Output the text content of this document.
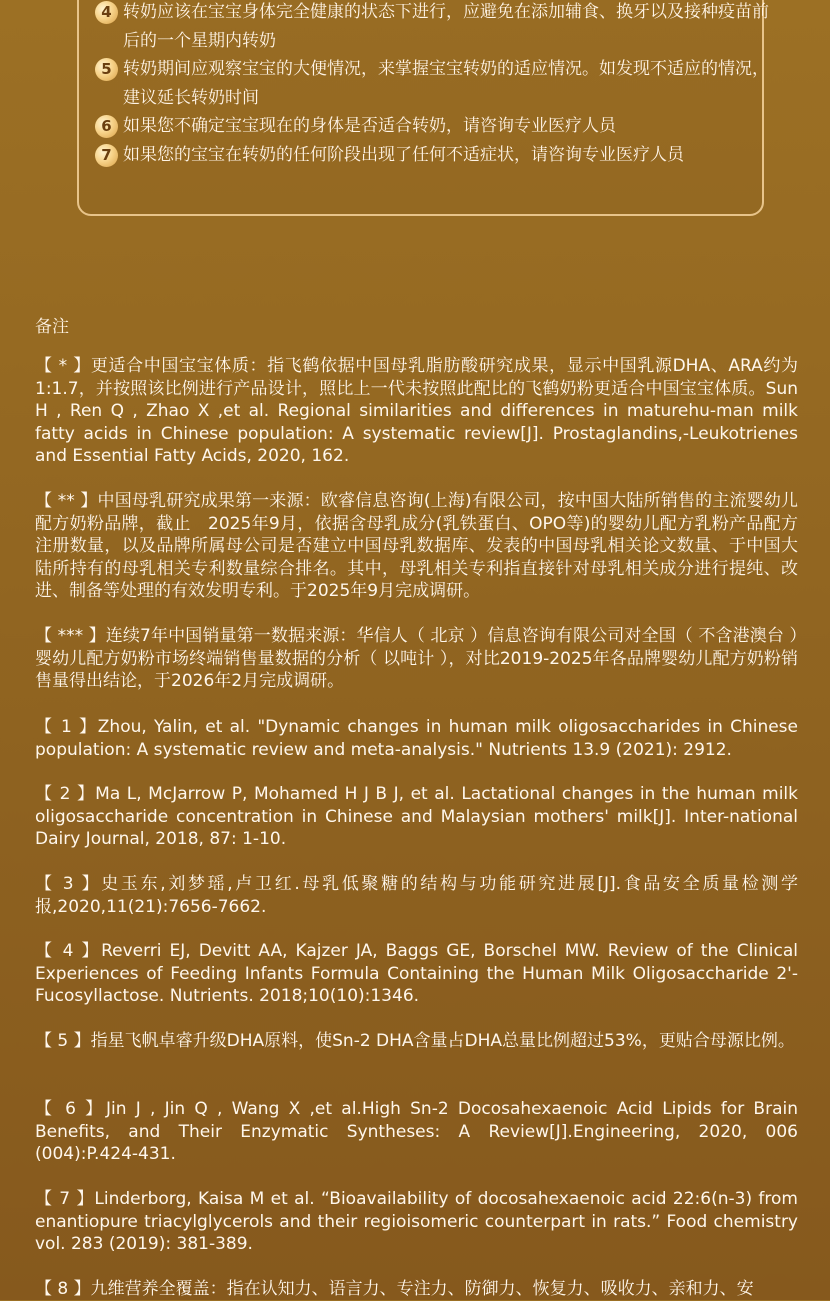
4 转奶应该在宝宝身体完全健康的状态下进行，应避免在添加辅食、换牙以及接种疫苗前后的一个星期内转奶
5 转奶期间应观察宝宝的大便情况，来掌握宝宝转奶的适应情况。如发现不适应的情况，建议延长转奶时间
6 如果您不确定宝宝现在的身体是否适合转奶，请咨询专业医疗人员
7 如果您的宝宝在转奶的任何阶段出现了任何不适症状，请咨询专业医疗人员
备注
【 * 】更适合中国宝宝体质：指飞鹤依据中国母乳脂肪酸研究成果，显示中国乳源DHA、ARA约为1:1.7，并按照该比例进行产品设计，照比上一代未按照此配比的飞鹤奶粉更适合中国宝宝体质。Sun H , Ren Q , Zhao X ,et al. Regional similarities and differences in maturehu-man milk fatty acids in Chinese population: A systematic review[J]. Prostaglandins,-Leukotrienes and Essential Fatty Acids, 2020, 162.
【 ** 】中国母乳研究成果第一来源：欧睿信息咨询(上海)有限公司，按中国大陆所销售的主流婴幼儿配方奶粉品牌，截止　2025年9月，依据含母乳成分(乳铁蛋白、OPO等)的婴幼儿配方乳粉产品配方注册数量，以及品牌所属母公司是否建立中国母乳数据库、发表的中国母乳相关论文数量、于中国大陆所持有的母乳相关专利数量综合排名。其中，母乳相关专利指直接针对母乳相关成分进行提纯、改进、制备等处理的有效发明专利。于2025年9月完成调研。
【 *** 】连续7年中国销量第一数据来源：华信人（ 北京 ）信息咨询有限公司对全国（ 不含港澳台 ）婴幼儿配方奶粉市场终端销售量数据的分析（ 以吨计 ），对比2019-2025年各品牌婴幼儿配方奶粉销售量得出结论，于2026年2月完成调研。
【 1 】Zhou, Yalin, et al. "Dynamic changes in human milk oligosaccharides in Chinese population: A systematic review and meta-analysis." Nutrients 13.9 (2021): 2912.
【 2 】Ma L, McJarrow P, Mohamed H J B J, et al. Lactational changes in the human milk oligosaccharide concentration in Chinese and Malaysian mothers' milk[J]. Inter-national Dairy Journal, 2018, 87: 1-10.
【 3 】史玉东,刘梦瑶,卢卫红.母乳低聚糖的结构与功能研究进展[J].食品安全质量检测学报,2020,11(21):7656-7662.
【 4 】Reverri EJ, Devitt AA, Kajzer JA, Baggs GE, Borschel MW. Review of the Clinical Experiences of Feeding Infants Formula Containing the Human Milk Oligosaccharide 2'-Fucosyllactose. Nutrients. 2018;10(10):1346.
【 5 】指星飞帆卓睿升级DHA原料，使Sn-2 DHA含量占DHA总量比例超过53%，更贴合母源比例。
【 6 】Jin J , Jin Q , Wang X ,et al.High Sn-2 Docosahexaenoic Acid Lipids for Brain Benefits, and Their Enzymatic Syntheses: A Review[J].Engineering, 2020, 006 (004):P.424-431.
【 7 】Linderborg, Kaisa M et al. “Bioavailability of docosahexaenoic acid 22:6(n-3) from enantiopure triacylglycerols and their regioisomeric counterpart in rats.” Food chemistry vol. 283 (2019): 381-389.
【 8 】九维营养全覆盖：指在认知力、语言力、专注力、防御力、恢复力、吸收力、亲和力、安
